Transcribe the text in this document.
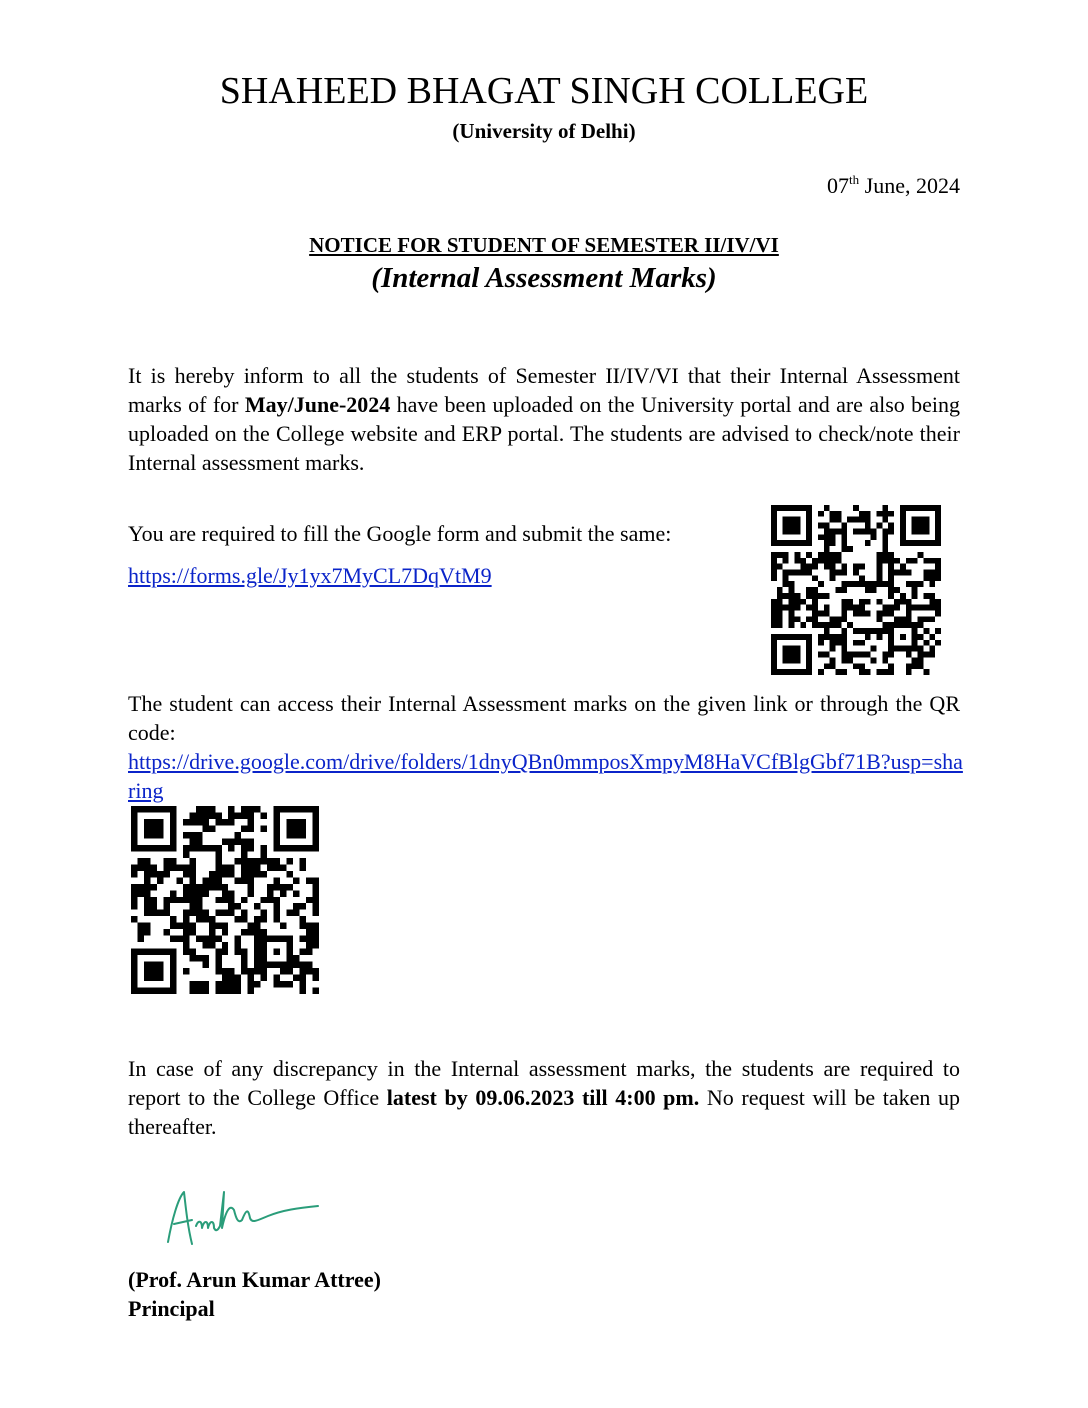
SHAHEED BHAGAT SINGH COLLEGE
(University of Delhi)
07th June, 2024
NOTICE FOR STUDENT OF SEMESTER II/IV/VI
(Internal Assessment Marks)
It is hereby inform to all the students of Semester II/IV/VI that their Internal Assessment marks of for May/June-2024 have been uploaded on the University portal and are also being uploaded on the College website and ERP portal. The students are advised to check/note their Internal assessment marks.
You are required to fill the Google form and submit the same:
https://forms.gle/Jy1yx7MyCL7DqVtM9
The student can access their Internal Assessment marks on the given link or through the QR code:
https://drive.google.com/drive/folders/1dnyQBn0mmposXmpyM8HaVCfBlgGbf71B?usp=sharing
In case of any discrepancy in the Internal assessment marks, the students are required to report to the College Office latest by 09.06.2023 till 4:00 pm. No request will be taken up thereafter.
(Prof. Arun Kumar Attree)
Principal
